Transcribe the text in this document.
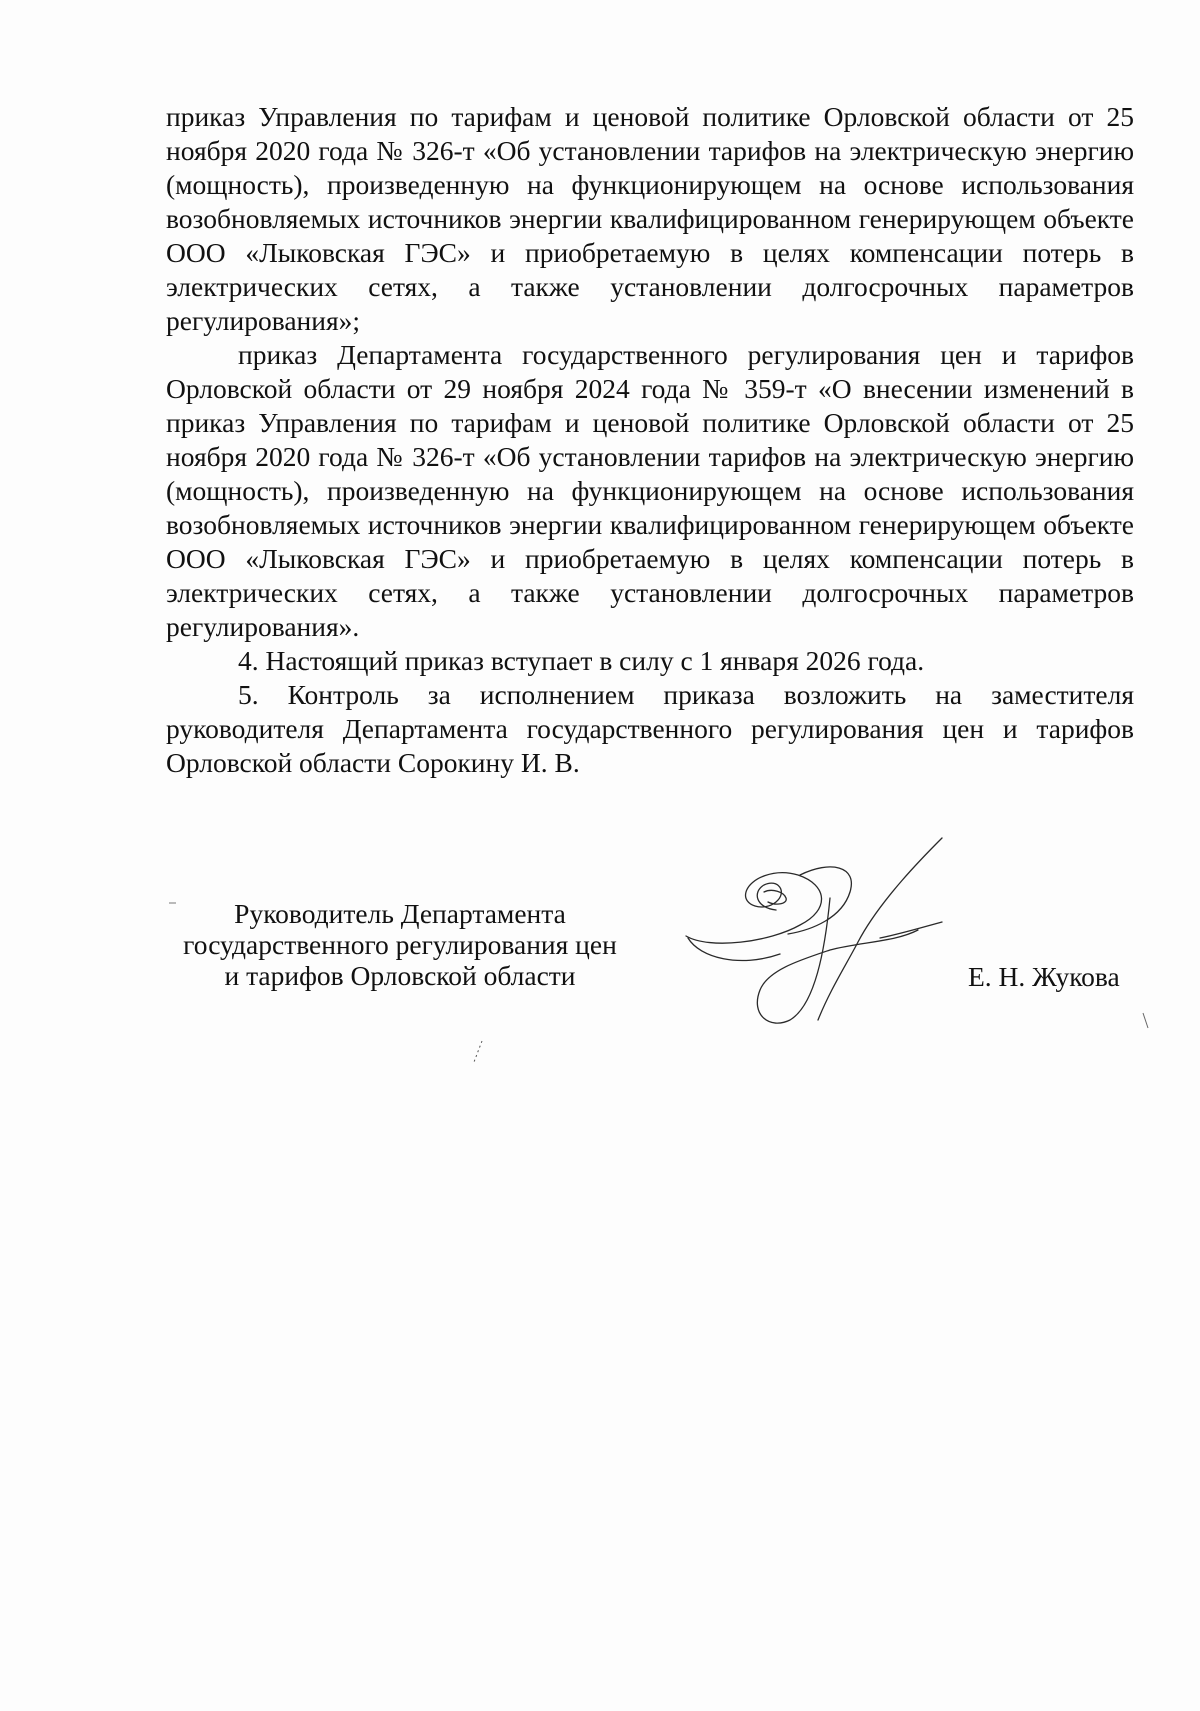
приказ Управления по тарифам и ценовой политике Орловской области от 25 ноября 2020 года № 326-т «Об установлении тарифов на электрическую энергию (мощность), произведенную на функционирующем на основе использования возобновляемых источников энергии квалифицированном генерирующем объекте ООО «Лыковская ГЭС» и приобретаемую в целях компенсации потерь в электрических сетях, а также установлении долгосрочных параметров регулирования»;

приказ Департамента государственного регулирования цен и тарифов Орловской области от 29 ноября 2024 года № 359-т «О внесении изменений в приказ Управления по тарифам и ценовой политике Орловской области от 25 ноября 2020 года № 326-т «Об установлении тарифов на электрическую энергию (мощность), произведенную на функционирующем на основе использования возобновляемых источников энергии квалифицированном генерирующем объекте ООО «Лыковская ГЭС» и приобретаемую в целях компенсации потерь в электрических сетях, а также установлении долгосрочных параметров регулирования».

4. Настоящий приказ вступает в силу с 1 января 2026 года.

5. Контроль за исполнением приказа возложить на заместителя руководителя Департамента государственного регулирования цен и тарифов Орловской области Сорокину И. В.

Руководитель Департамента
государственного регулирования цен
и тарифов Орловской области	Е. Н. Жукова
